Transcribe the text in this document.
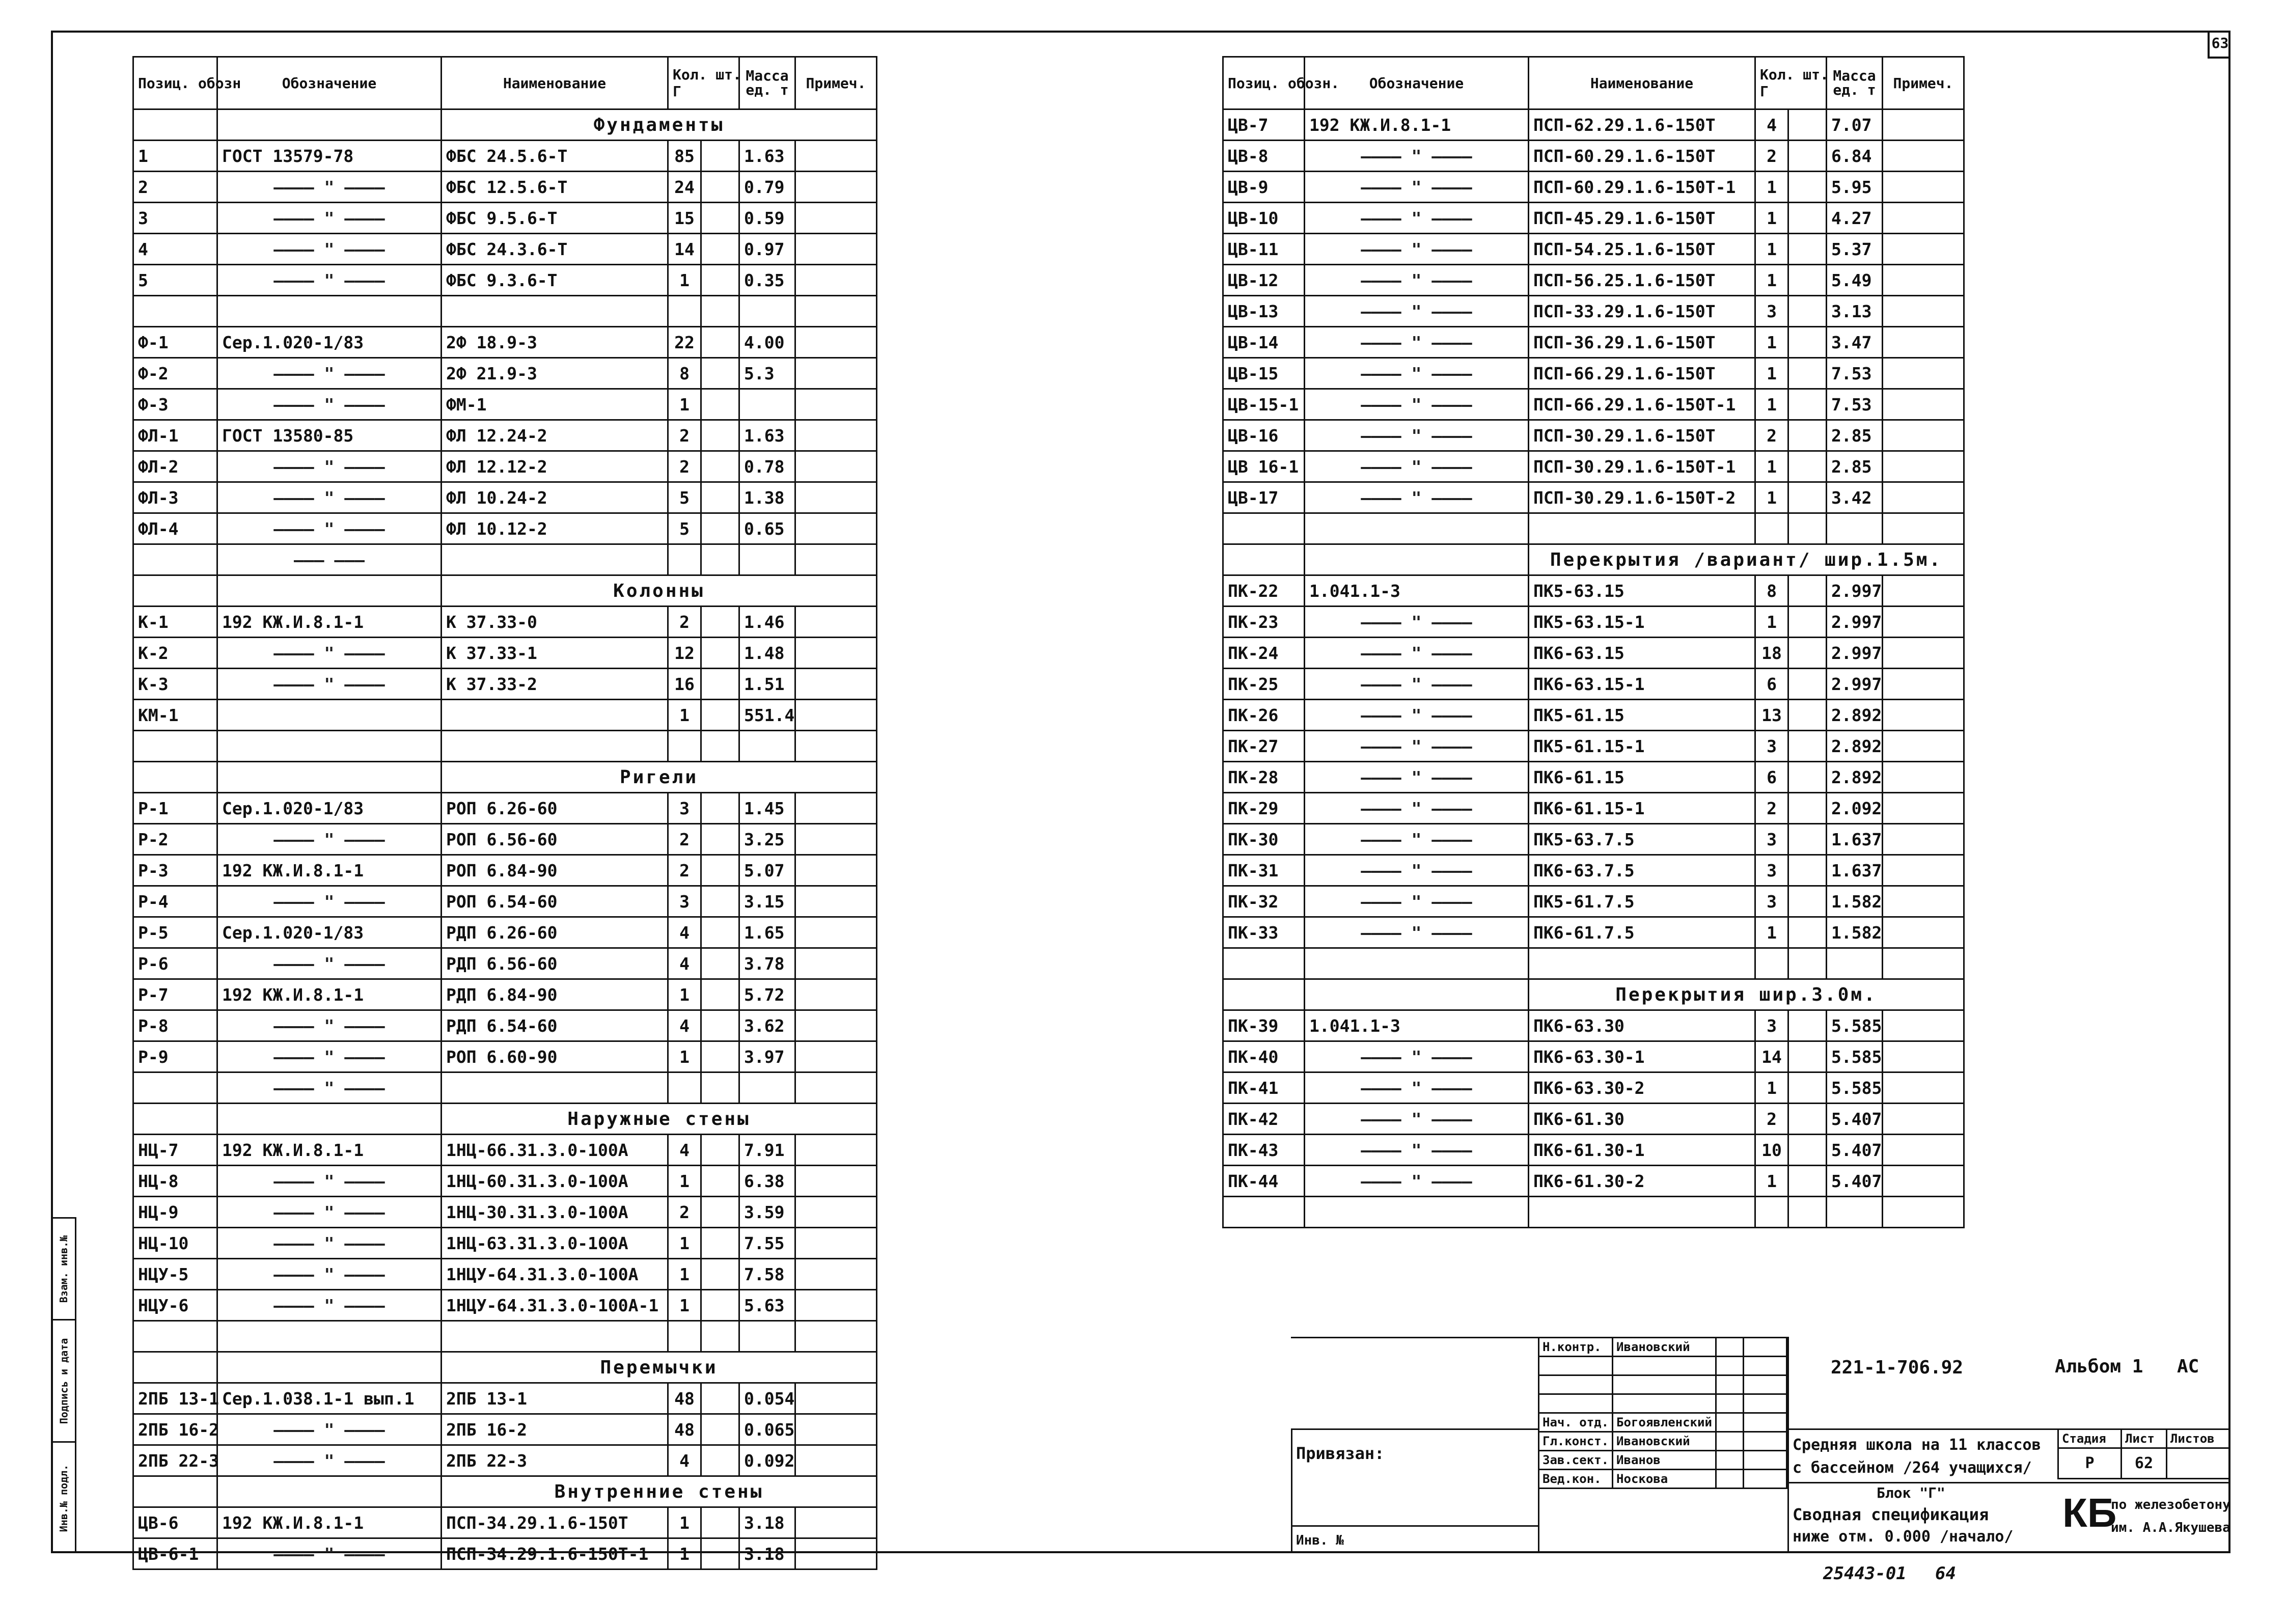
63
Взам. инв.№
Подпись и дата
Инв.№ подл.
Позиц. обозн	Обозначение	Наименование	Кол. шт.
Г		Масса ед. т	Примеч.
		Фундаменты				
1	ГОСТ 13579-78	ФБС 24.5.6-Т	85		1.63	
2	———— " ————	ФБС 12.5.6-Т	24		0.79	
3	———— " ————	ФБС 9.5.6-Т	15		0.59	
4	———— " ————	ФБС 24.3.6-Т	14		0.97	
5	———— " ————	ФБС 9.3.6-Т	1		0.35	

Ф-1	Сер.1.020-1/83	2Ф 18.9-3	22		4.00	
Ф-2	———— " ————	2Ф 21.9-3	8		5.3	
Ф-3	———— " ————	ФМ-1	1			
ФЛ-1	ГОСТ 13580-85	ФЛ 12.24-2	2		1.63	
ФЛ-2	———— " ————	ФЛ 12.12-2	2		0.78	
ФЛ-3	———— " ————	ФЛ 10.24-2	5		1.38	
ФЛ-4	———— " ————	ФЛ 10.12-2	5		0.65	
	——— ———					
		Колонны				
К-1	192 КЖ.И.8.1-1	К 37.33-0	2		1.46	
К-2	———— " ————	К 37.33-1	12		1.48	
К-3	———— " ————	К 37.33-2	16		1.51	
КМ-1			1		551.4	

		Ригели				
Р-1	Сер.1.020-1/83	РОП 6.26-60	3		1.45	
Р-2	———— " ————	РОП 6.56-60	2		3.25	
Р-3	192 КЖ.И.8.1-1	РОП 6.84-90	2		5.07	
Р-4	———— " ————	РОП 6.54-60	3		3.15	
Р-5	Сер.1.020-1/83	РДП 6.26-60	4		1.65	
Р-6	———— " ————	РДП 6.56-60	4		3.78	
Р-7	192 КЖ.И.8.1-1	РДП 6.84-90	1		5.72	
Р-8	———— " ————	РДП 6.54-60	4		3.62	
Р-9	———— " ————	РОП 6.60-90	1		3.97	
	———— " ————					
		Наружные стены				
НЦ-7	192 КЖ.И.8.1-1	1НЦ-66.31.3.0-100А	4		7.91	
НЦ-8	———— " ————	1НЦ-60.31.3.0-100А	1		6.38	
НЦ-9	———— " ————	1НЦ-30.31.3.0-100А	2		3.59	
НЦ-10	———— " ————	1НЦ-63.31.3.0-100А	1		7.55	
НЦУ-5	———— " ————	1НЦУ-64.31.3.0-100А	1		7.58	
НЦУ-6	———— " ————	1НЦУ-64.31.3.0-100А-1	1		5.63	

		Перемычки				
2ПБ 13-1	Сер.1.038.1-1 вып.1	2ПБ 13-1	48		0.054	
2ПБ 16-2	———— " ————	2ПБ 16-2	48		0.065	
2ПБ 22-3	———— " ————	2ПБ 22-3	4		0.092	
		Внутренние стены				
ЦВ-6	192 КЖ.И.8.1-1	ПСП-34.29.1.6-150Т	1		3.18	
ЦВ-6-1	———— " ————	ПСП-34.29.1.6-150Т-1	1		3.18	
Позиц. обозн.	Обозначение	Наименование	Кол. шт.
Г		Масса ед. т	Примеч.
ЦВ-7	192 КЖ.И.8.1-1	ПСП-62.29.1.6-150Т	4		7.07	
ЦВ-8	———— " ————	ПСП-60.29.1.6-150Т	2		6.84	
ЦВ-9	———— " ————	ПСП-60.29.1.6-150Т-1	1		5.95	
ЦВ-10	———— " ————	ПСП-45.29.1.6-150Т	1		4.27	
ЦВ-11	———— " ————	ПСП-54.25.1.6-150Т	1		5.37	
ЦВ-12	———— " ————	ПСП-56.25.1.6-150Т	1		5.49	
ЦВ-13	———— " ————	ПСП-33.29.1.6-150Т	3		3.13	
ЦВ-14	———— " ————	ПСП-36.29.1.6-150Т	1		3.47	
ЦВ-15	———— " ————	ПСП-66.29.1.6-150Т	1		7.53	
ЦВ-15-1	———— " ————	ПСП-66.29.1.6-150Т-1	1		7.53	
ЦВ-16	———— " ————	ПСП-30.29.1.6-150Т	2		2.85	
ЦВ 16-1	———— " ————	ПСП-30.29.1.6-150Т-1	1		2.85	
ЦВ-17	———— " ————	ПСП-30.29.1.6-150Т-2	1		3.42	

		Перекрытия /вариант/ шир.1.5м.				
ПК-22	1.041.1-3	ПК5-63.15	8		2.997	
ПК-23	———— " ————	ПК5-63.15-1	1		2.997	
ПК-24	———— " ————	ПК6-63.15	18		2.997	
ПК-25	———— " ————	ПК6-63.15-1	6		2.997	
ПК-26	———— " ————	ПК5-61.15	13		2.892	
ПК-27	———— " ————	ПК5-61.15-1	3		2.892	
ПК-28	———— " ————	ПК6-61.15	6		2.892	
ПК-29	———— " ————	ПК6-61.15-1	2		2.092	
ПК-30	———— " ————	ПК5-63.7.5	3		1.637	
ПК-31	———— " ————	ПК6-63.7.5	3		1.637	
ПК-32	———— " ————	ПК5-61.7.5	3		1.582	
ПК-33	———— " ————	ПК6-61.7.5	1		1.582	

		Перекрытия шир.3.0м.				
ПК-39	1.041.1-3	ПК6-63.30	3		5.585	
ПК-40	———— " ————	ПК6-63.30-1	14		5.585	
ПК-41	———— " ————	ПК6-63.30-2	1		5.585	
ПК-42	———— " ————	ПК6-61.30	2		5.407	
ПК-43	———— " ————	ПК6-61.30-1	10		5.407	
ПК-44	———— " ————	ПК6-61.30-2	1		5.407	

221-1-706.92	Альбом 1 АС
Привязан:
Инв. №
Н.контр.	Ивановский		

Нач. отд.	Богоявленский		
Гл.конст.	Ивановский		
Зав.сект.	Иванов		
Вед.кон.	Носкова		
Средняя школа на 11 классов
с бассейном /264 учащихся/
Блок "Г"
Сводная спецификация
ниже отм. 0.000 /начало/
Стадия	Лист	Листов
Р	62	
КБ
по железобетону
им. А.А.Якушева
25443-01 64
